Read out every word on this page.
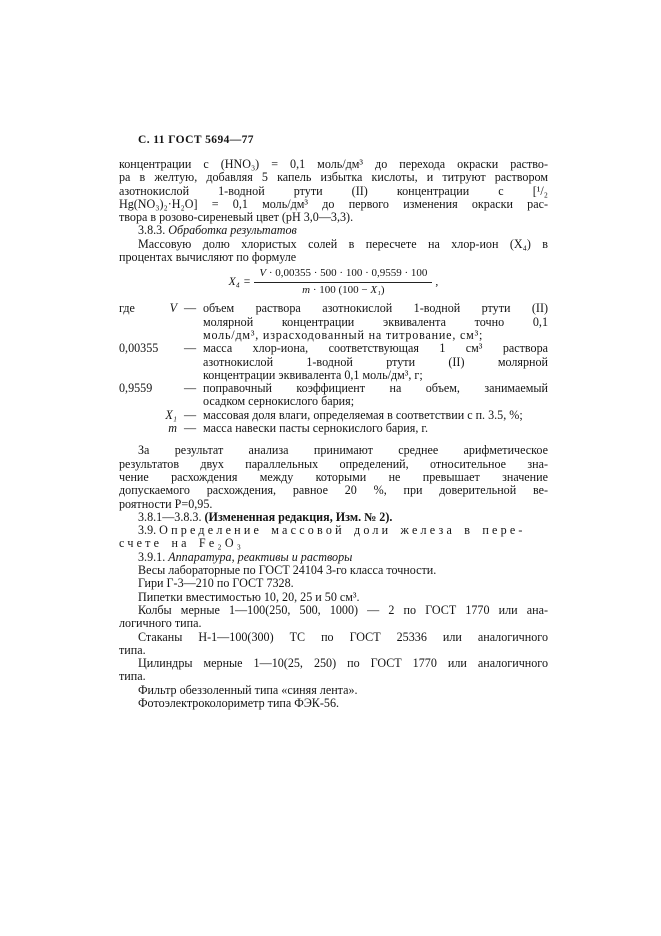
С. 11 ГОСТ 5694—77
концентрации c (HNO₃) = 0,1 моль/дм³ до перехода окраски раство-
ра в желтую, добавляя 5 капель избытка кислоты, и титруют раствором
азотнокислой 1-водной ртути (II) концентрации c [¹/₂
Hg(NO₃)₂·H₂O] = 0,1 моль/дм³ до первого изменения окраски рас-
твора в розово-сиреневый цвет (pH 3,0—3,3).
3.8.3. Обработка результатов
Массовую долю хлористых солей в пересчете на хлор-ион (X₄) в
процентах вычисляют по формуле
$X_4 = \frac{V \cdot 0,00355 \cdot 500 \cdot 100 \cdot 0,9559 \cdot 100}{\text{m · 100 (100 − X₁)}}$ ,
где	V — объем раствора азотнокислой 1-водной ртути (II)
молярной концентрации эквивалента точно 0,1
моль/дм³, израсходованный на титрование, см³;
0,00355	— масса хлор-иона, соответствующая 1 см³ раствора
азотнокислой 1-водной ртути (II) молярной
концентрации эквивалента 0,1 моль/дм³, г;
0,9559	— поправочный коэффициент на объем, занимаемый
осадком сернокислого бария;
X₁ — массовая доля влаги, определяемая в соответствии с п. 3.5, %;
m — масса навески пасты сернокислого бария, г.
За результат анализа принимают среднее арифметическое
результатов двух параллельных определений, относительное зна-
чение расхождения между которыми не превышает значение
допускаемого расхождения, равное 20 %, при доверительной ве-
роятности Р=0,95.
3.8.1—3.8.3. (Измененная редакция, Изм. № 2).
3.9. Определение массовой доли железа в пере-
счете на Fe₂O₃
3.9.1. Аппаратура, реактивы и растворы
Весы лабораторные по ГОСТ 24104 3-го класса точности.
Гири Г-3—210 по ГОСТ 7328.
Пипетки вместимостью 10, 20, 25 и 50 см³.
Колбы мерные 1—100(250, 500, 1000) — 2 по ГОСТ 1770 или ана-
логичного типа.
Стаканы Н-1—100(300) ТС по ГОСТ 25336 или аналогичного
типа.
Цилиндры мерные 1—10(25, 250) по ГОСТ 1770 или аналогичного
типа.
Фильтр обеззоленный типа «синяя лента».
Фотоэлектроколориметр типа ФЭК-56.
